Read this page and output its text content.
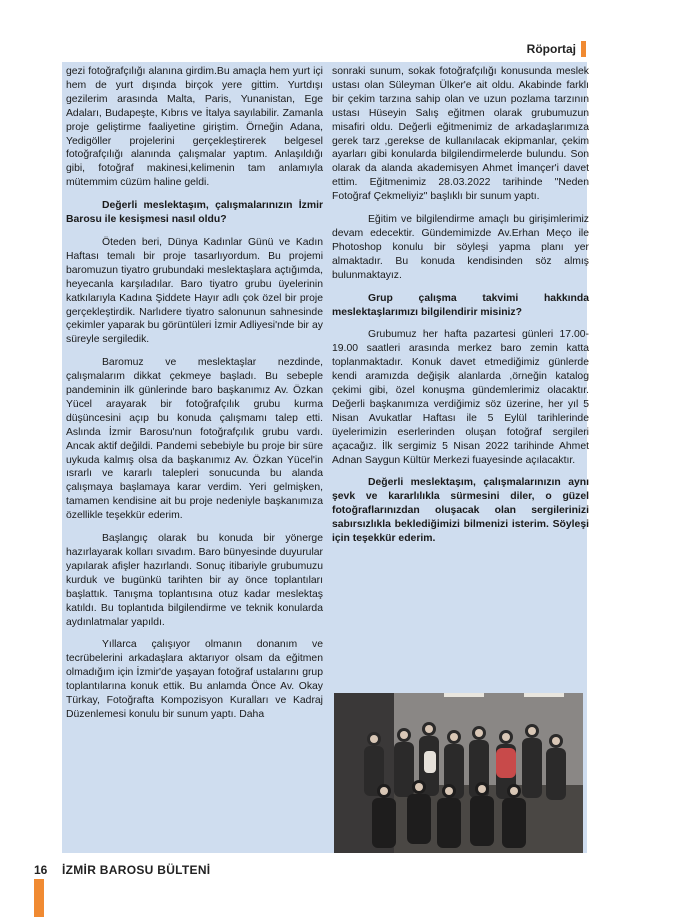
Röportaj

gezi fotoğrafçılığı alanına girdim.Bu amaçla hem yurt içi hem de yurt dışında birçok yere gittim. Yurtdışı gezilerim arasında Malta, Paris, Yunanistan, Ege Adaları, Budapeşte, Kıbrıs ve İtalya sayılabilir. Zamanla proje geliştirme faaliyetine giriştim. Örneğin Adana, Yedigöller projelerini gerçekleştirerek belgesel fotoğrafçılığı alanında çalışmalar yaptım. Anlaşıldığı gibi, fotoğraf makinesi,kelimenin tam anlamıyla mütemmim cüzüm haline geldi.

Değerli meslektaşım, çalışmalarınızın İzmir Barosu ile kesişmesi nasıl oldu?

Öteden beri, Dünya Kadınlar Günü ve Kadın Haftası temalı bir proje tasarlıyordum. Bu projemi baromuzun tiyatro grubundaki meslektaşlara açtığımda, heyecanla karşıladılar. Baro tiyatro grubu üyelerinin katkılarıyla Kadına Şiddete Hayır adlı çok özel bir proje gerçekleştirdik. Narlıdere tiyatro salonunun sahnesinde çekimler yaparak bu görüntüleri İzmir Adliyesi'nde bir ay süreyle sergiledik.

Baromuz ve meslektaşlar nezdinde, çalışmalarım dikkat çekmeye başladı. Bu sebeple pandeminin ilk günlerinde baro başkanımız Av. Özkan Yücel arayarak bir fotoğrafçılık grubu kurma düşüncesini açıp bu konuda çalışmamı talep etti. Aslında İzmir Barosu'nun fotoğrafçılık grubu vardı. Ancak aktif değildi. Pandemi sebebiyle bu proje bir süre uykuda kalmış olsa da başkanımız Av. Özkan Yücel'in ısrarlı ve kararlı talepleri sonucunda bu alanda çalışmaya başlamaya karar verdim. Yeri gelmişken, tamamen kendisine ait bu proje nedeniyle başkanımıza özellikle teşekkür ederim.

Başlangıç olarak bu konuda bir yönerge hazırlayarak kolları sıvadım. Baro bünyesinde duyurular yapılarak afişler hazırlandı. Sonuç itibariyle grubumuzu kurduk ve bugünkü tarihten bir ay önce toplantıları başlattık. Tanışma toplantısına otuz kadar meslektaş katıldı. Bu toplantıda bilgilendirme ve teknik konularda aydınlatmalar yapıldı.

Yıllarca çalışıyor olmanın donanım ve tecrübelerini arkadaşlara aktarıyor olsam da eğitmen olmadığım için İzmir'de yaşayan fotoğraf ustalarını grup toplantılarına konuk ettik. Bu anlamda Önce Av. Okay Türkay, Fotoğrafta Kompozisyon Kuralları ve Kadraj Düzenlemesi konulu bir sunum yaptı. Daha

sonraki sunum, sokak fotoğrafçılığı konusunda meslek ustası olan Süleyman Ülker'e ait oldu. Akabinde farklı bir çekim tarzına sahip olan ve uzun pozlama tarzının ustası Hüseyin Salış eğitmen olarak grubumuzun misafiri oldu. Değerli eğitmenimiz de arkadaşlarımıza gerek tarz ,gerekse de kullanılacak ekipmanlar, çekim ayarları gibi konularda bilgilendirmelerde bulundu. Son olarak da alanda akademisyen Ahmet İmançer'i davet ettim. Eğitmenimiz 28.03.2022 tarihinde "Neden Fotoğraf Çekmeliyiz" başlıklı bir sunum yaptı.

Eğitim ve bilgilendirme amaçlı bu girişimlerimiz devam edecektir. Gündemimizde Av.Erhan Meço ile Photoshop konulu bir söyleşi yapma planı yer almaktadır. Bu konuda kendisinden söz almış bulunmaktayız.

Grup çalışma takvimi hakkında meslektaşlarımızı bilgilendirir misiniz?

Grubumuz her hafta pazartesi günleri 17.00-19.00 saatleri arasında merkez baro zemin katta toplanmaktadır. Konuk davet etmediğimiz günlerde kendi aramızda değişik alanlarda ,örneğin katalog çekimi gibi, özel konuşma gündemlerimiz olacaktır. Değerli başkanımıza verdiğimiz söz üzerine, her yıl 5 Nisan Avukatlar Haftası ile 5 Eylül tarihlerinde üyelerimizin eserlerinden oluşan fotoğraf sergileri açacağız. İlk sergimiz 5 Nisan 2022 tarihinde Ahmet Adnan Saygun Kültür Merkezi fuayesinde açılacaktır.

Değerli meslektaşım, çalışmalarınızın aynı şevk ve kararlılıkla sürmesini diler, o güzel fotoğraflarınızdan oluşacak olan sergilerinizi sabırsızlıkla beklediğimizi bilmenizi isterim. Söyleşi için teşekkür ederim.

16 İZMİR BAROSU BÜLTENİ
